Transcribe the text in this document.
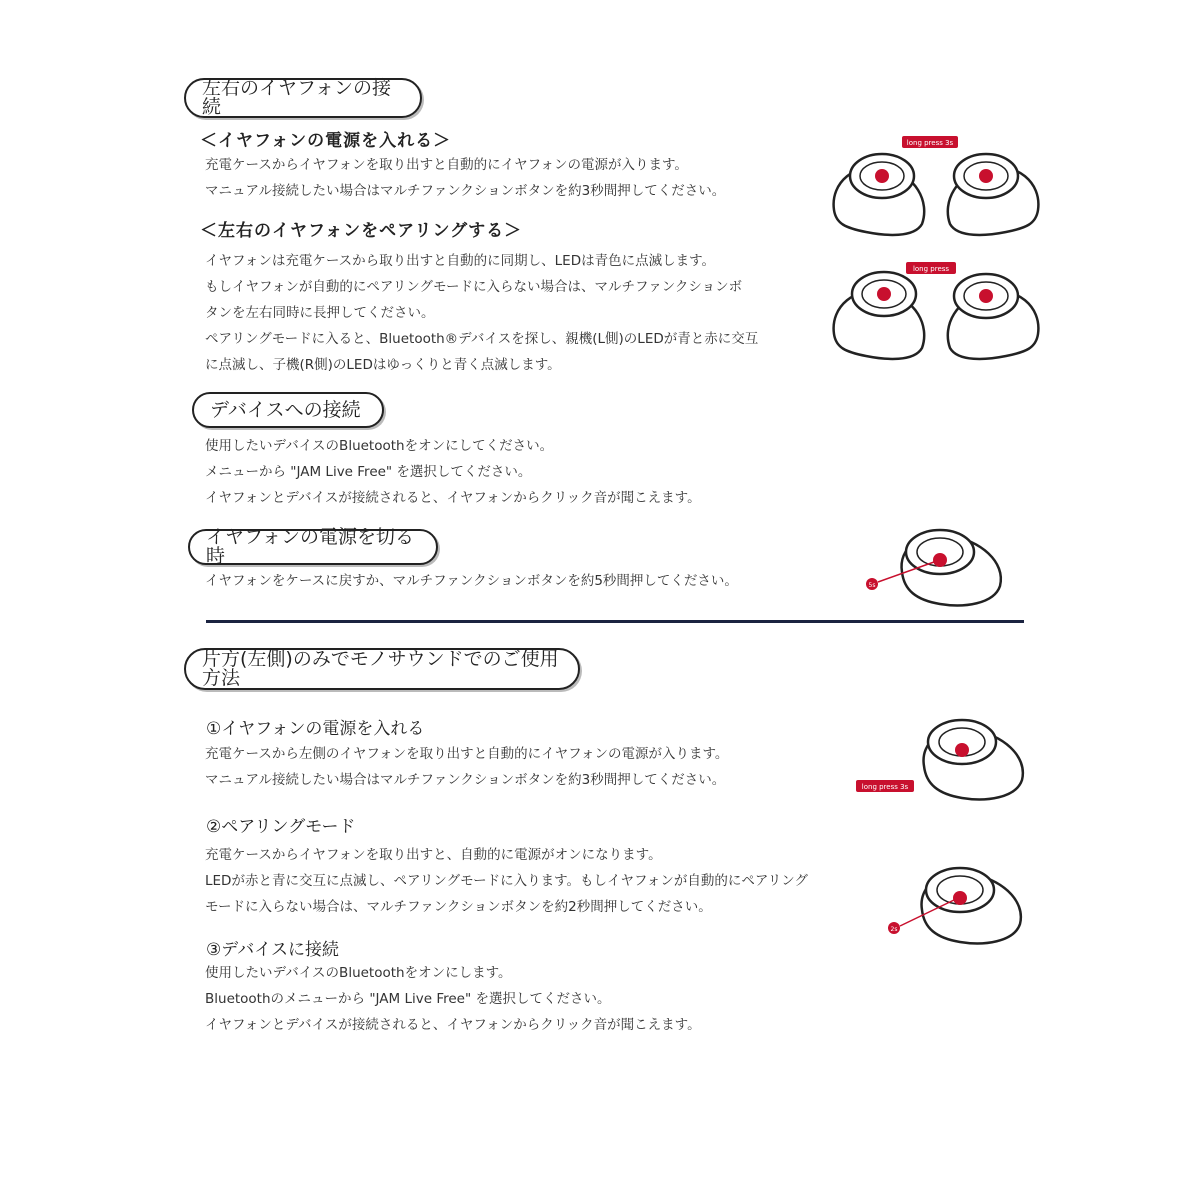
左右のイヤフォンの接続
＜イヤフォンの電源を入れる＞
充電ケースからイヤフォンを取り出すと自動的にイヤフォンの電源が入ります。
マニュアル接続したい場合はマルチファンクションボタンを約3秒間押してください。
＜左右のイヤフォンをペアリングする＞
イヤフォンは充電ケースから取り出すと自動的に同期し、LEDは青色に点滅します。
もしイヤフォンが自動的にペアリングモードに入らない場合は、マルチファンクションボ
タンを左右同時に長押してください。
ペアリングモードに入ると、Bluetooth®デバイスを探し、親機(L側)のLEDが青と赤に交互
に点滅し、子機(R側)のLEDはゆっくりと青く点滅します。
long press 3s
long press
デバイスへの接続
使用したいデバイスのBluetoothをオンにしてください。
メニューから "JAM Live Free" を選択してください。
イヤフォンとデバイスが接続されると、イヤフォンからクリック音が聞こえます。
イヤフォンの電源を切る時
イヤフォンをケースに戻すか、マルチファンクションボタンを約5秒間押してください。	5s
片方(左側)のみでモノサウンドでのご使用方法
①イヤフォンの電源を入れる
充電ケースから左側のイヤフォンを取り出すと自動的にイヤフォンの電源が入ります。
マニュアル接続したい場合はマルチファンクションボタンを約3秒間押してください。	long press 3s
②ペアリングモード
充電ケースからイヤフォンを取り出すと、自動的に電源がオンになります。
LEDが赤と青に交互に点滅し、ペアリングモードに入ります。もしイヤフォンが自動的にペアリング
モードに入らない場合は、マルチファンクションボタンを約2秒間押してください。
2s
③デバイスに接続
使用したいデバイスのBluetoothをオンにします。
Bluetoothのメニューから "JAM Live Free" を選択してください。
イヤフォンとデバイスが接続されると、イヤフォンからクリック音が聞こえます。
